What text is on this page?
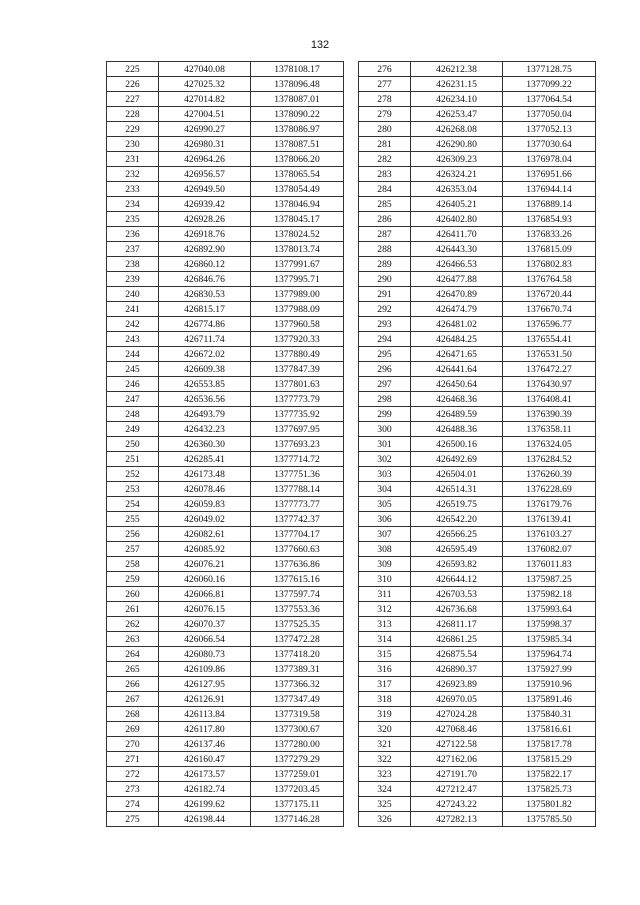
132
225	427040.08	1378108.17
226	427025.32	1378096.48
227	427014.82	1378087.01
228	427004.51	1378090.22
229	426990.27	1378086.97
230	426980.31	1378087.51
231	426964.26	1378066.20
232	426956.57	1378065.54
233	426949.50	1378054.49
234	426939.42	1378046.94
235	426928.26	1378045.17
236	426918.76	1378024.52
237	426892.90	1378013.74
238	426860.12	1377991.67
239	426846.76	1377995.71
240	426830.53	1377989.00
241	426815.17	1377988.09
242	426774.86	1377960.58
243	426711.74	1377920.33
244	426672.02	1377880.49
245	426609.38	1377847.39
246	426553.85	1377801.63
247	426536.56	1377773.79
248	426493.79	1377735.92
249	426432.23	1377697.95
250	426360.30	1377693.23
251	426285.41	1377714.72
252	426173.48	1377751.36
253	426078.46	1377788.14
254	426059.83	1377773.77
255	426049.02	1377742.37
256	426082.61	1377704.17
257	426085.92	1377660.63
258	426076.21	1377636.86
259	426060.16	1377615.16
260	426066.81	1377597.74
261	426076.15	1377553.36
262	426070.37	1377525.35
263	426066.54	1377472.28
264	426080.73	1377418.20
265	426109.86	1377389.31
266	426127.95	1377366.32
267	426126.91	1377347.49
268	426113.84	1377319.58
269	426117.80	1377300.67
270	426137.46	1377280.00
271	426160.47	1377279.29
272	426173.57	1377259.01
273	426182.74	1377203.45
274	426199.62	1377175.11
275	426198.44	1377146.28
276	426212.38	1377128.75
277	426231.15	1377099.22
278	426234.10	1377064.54
279	426253.47	1377050.04
280	426268.08	1377052.13
281	426290.80	1377030.64
282	426309.23	1376978.04
283	426324.21	1376951.66
284	426353.04	1376944.14
285	426405.21	1376889.14
286	426402.80	1376854.93
287	426411.70	1376833.26
288	426443.30	1376815.09
289	426466.53	1376802.83
290	426477.88	1376764.58
291	426470.89	1376720.44
292	426474.79	1376670.74
293	426481.02	1376596.77
294	426484.25	1376554.41
295	426471.65	1376531.50
296	426441.64	1376472.27
297	426450.64	1376430.97
298	426468.36	1376408.41
299	426489.59	1376390.39
300	426488.36	1376358.11
301	426500.16	1376324.05
302	426492.69	1376284.52
303	426504.01	1376260.39
304	426514.31	1376228.69
305	426519.75	1376179.76
306	426542.20	1376139.41
307	426566.25	1376103.27
308	426595.49	1376082.07
309	426593.82	1376011.83
310	426644.12	1375987.25
311	426703.53	1375982.18
312	426736.68	1375993.64
313	426811.17	1375998.37
314	426861.25	1375985.34
315	426875.54	1375964.74
316	426890.37	1375927.99
317	426923.89	1375910.96
318	426970.05	1375891.46
319	427024.28	1375840.31
320	427068.46	1375816.61
321	427122.58	1375817.78
322	427162.06	1375815.29
323	427191.70	1375822.17
324	427212.47	1375825.73
325	427243.22	1375801.82
326	427282.13	1375785.50
